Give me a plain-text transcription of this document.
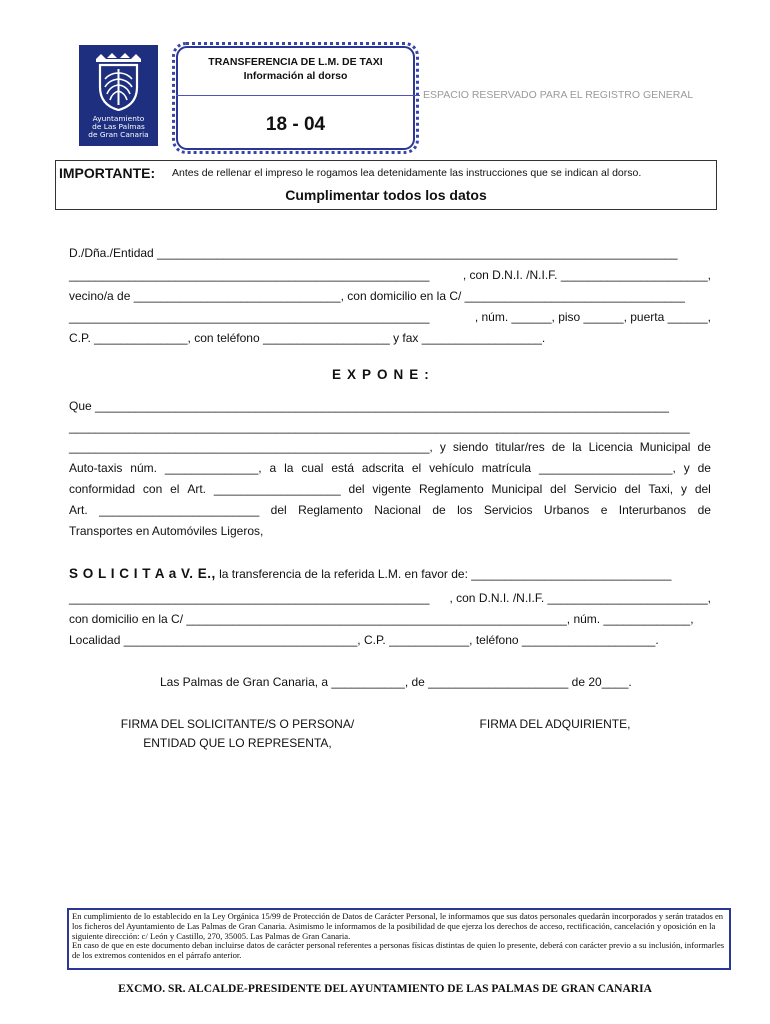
Ayuntamiento
de Las Palmas
de Gran Canaria
TRANSFERENCIA DE L.M. DE TAXI
Información al dorso
18 - 04
ESPACIO RESERVADO PARA EL REGISTRO GENERAL
IMPORTANTE: Antes de rellenar el impreso le rogamos lea detenidamente las instrucciones que se indican al dorso.
Cumplimentar todos los datos
D./Dña./Entidad ______________________________________________________________________________
______________________________________________________	, con D.N.I. /N.I.F. ______________________,
vecino/a de _______________________________, con domicilio en la C/ _________________________________
______________________________________________________	, núm. ______, piso ______, puerta ______,
C.P. ______________, con teléfono ___________________ y fax __________________.
EXPONE:
Que ______________________________________________________________________________________
_____________________________________________________________________________________________
______________________________________________________, y siendo titular/res de la Licencia Municipal de
Auto-taxis núm. ______________, a la cual está adscrita el vehículo matrícula ____________________, y de
conformidad con el Art. ___________________ del vigente Reglamento Municipal del Servicio del Taxi, y del
Art. ________________________ del Reglamento Nacional de los Servicios Urbanos e Interurbanos de
Transportes en Automóviles Ligeros,
S O L I C I T A a V. E., la transferencia de la referida L.M. en favor de: ______________________________
______________________________________________________ , con D.N.I. /N.I.F. ________________________,
con domicilio en la C/ _________________________________________________________, núm. _____________,
Localidad ___________________________________, C.P. ____________, teléfono ____________________.
Las Palmas de Gran Canaria, a ___________, de _____________________ de 20____.
FIRMA DEL SOLICITANTE/S O PERSONA/
ENTIDAD QUE LO REPRESENTA,
FIRMA DEL ADQUIRIENTE,

En cumplimiento de lo establecido en la Ley Orgánica 15/99 de Protección de Datos de Carácter Personal, le informamos que sus datos personales quedarán incorporados y serán tratados en los ficheros del Ayuntamiento de Las Palmas de Gran Canaria. Asimismo le informamos de la posibilidad de que ejerza los derechos de acceso, rectificación, cancelación y oposición en la siguiente dirección: c/ León y Castillo, 270, 35005. Las Palmas de Gran Canaria.

En caso de que en este documento deban incluirse datos de carácter personal referentes a personas físicas distintas de quien lo presente, deberá con carácter previo a su inclusión, informarles de los extremos contenidos en el párrafo anterior.

EXCMO. SR. ALCALDE-PRESIDENTE DEL AYUNTAMIENTO DE LAS PALMAS DE GRAN CANARIA
